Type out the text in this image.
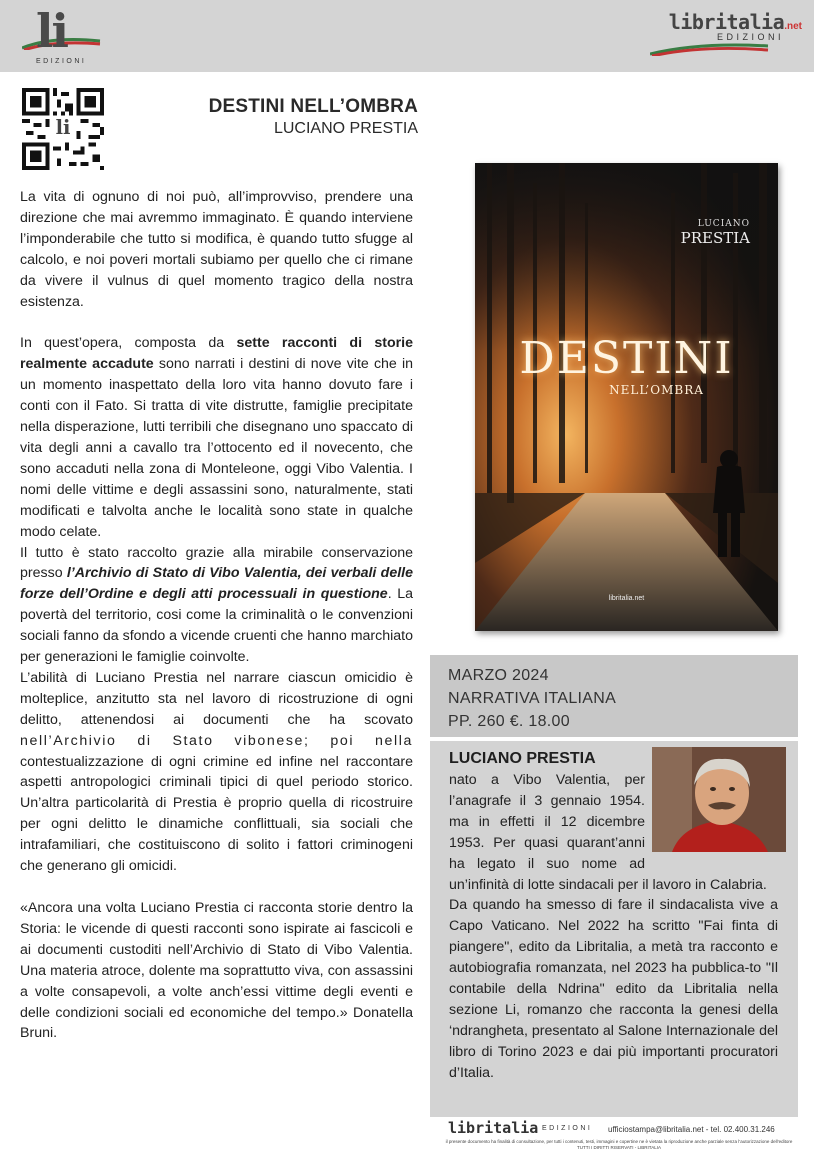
li
EDIZIONI
libritalia.net
EDIZIONI
li
DESTINI NELL’OMBRA
LUCIANO PRESTIA

La vita di ognuno di noi può, all’improvviso, prendere una direzione che mai avremmo immaginato. È quando interviene l’imponderabile che tutto si modifica, è quando tutto sfugge al calcolo, e noi poveri mortali subiamo per quello che ci rimane da vivere il vulnus di quel momento tragico della nostra esistenza.

In quest’opera, composta da sette racconti di storie realmente accadute sono narrati i destini di nove vite che in un momento inaspettato della loro vita hanno dovuto fare i conti con il Fato. Si tratta di vite distrutte, famiglie precipitate nella disperazione, lutti terribili che disegnano uno spaccato di vita degli anni a cavallo tra l’ottocento ed il novecento, che sono accaduti nella zona di Monteleone, oggi Vibo Valentia. I nomi delle vittime e degli assassini sono, naturalmente, stati modificati e talvolta anche le località sono state in qualche modo celate.

Il tutto è stato raccolto grazie alla mirabile conservazione presso l’Archivio di Stato di Vibo Valentia, dei verbali delle forze dell’Ordine e degli atti processuali in questione. La povertà del territorio, cosi come la criminalità o le convenzioni sociali fanno da sfondo a vicende cruenti che hanno marchiato per generazioni le famiglie coinvolte.

L’abilità di Luciano Prestia nel narrare ciascun omicidio è molteplice, anzitutto sta nel lavoro di ricostruzione di ogni delitto, attenendosi ai documenti che ha scovato nell’Archivio di Stato vibonese; poi nella contestualizzazione di ogni crimine ed infine nel raccontare aspetti antropologici criminali tipici di quel periodo storico. Un’altra particolarità di Prestia è proprio quella di ricostruire per ogni delitto le dinamiche conflittuali, sia sociali che intrafamiliari, che costituiscono di solito i fattori criminogeni che generano gli omicidi.

«Ancora una volta Luciano Prestia ci racconta storie dentro la Storia: le vicende di questi racconti sono ispirate ai fascicoli e ai documenti custoditi nell’Archivio di Stato di Vibo Valentia. Una materia atroce, dolente ma soprattutto viva, con assassini a volte consapevoli, a volte anch’essi vittime degli eventi e delle condizioni sociali ed economiche del tempo.» Donatella Bruni.

LUCIANO
PRESTIA
DESTINI
NELL’OMBRA
libritalia.net
MARZO 2024
NARRATIVA ITALIANA
PP. 260 €. 18.00
LUCIANO PRESTIA

nato a Vibo Valentia, per

l’anagrafe il 3 gennaio 1954.

ma in effetti il 12 dicembre

1953. Per quasi quarant’anni

ha legato il suo nome ad

un’infinità di lotte sindacali per il lavoro in Calabria.

Da quando ha smesso di fare il sindacalista vive a Capo Vaticano. Nel 2022 ha scritto "Fai finta di piangere", edito da Libritalia, a metà tra racconto e autobiografia romanzata, nel 2023 ha pubblica-to "Il contabile della Ndrina" edito da Libritalia nella sezione Li, romanzo che racconta la genesi della ‘ndrangheta, presentato al Salone Internazionale del libro di Torino 2023 e dai più importanti procuratori d’Italia.

libritalia EDIZIONI ufficiostampa@libritalia.net - tel. 02.400.31.246
il presente documento ha finalità di consultazione, per tutti i contenuti, testi, immagini e copertine ne è vietata la riproduzione anche parziale senza l’autorizzazione dell’editore TUTTI I DIRITTI RISERVATI - LIBRITALIA
